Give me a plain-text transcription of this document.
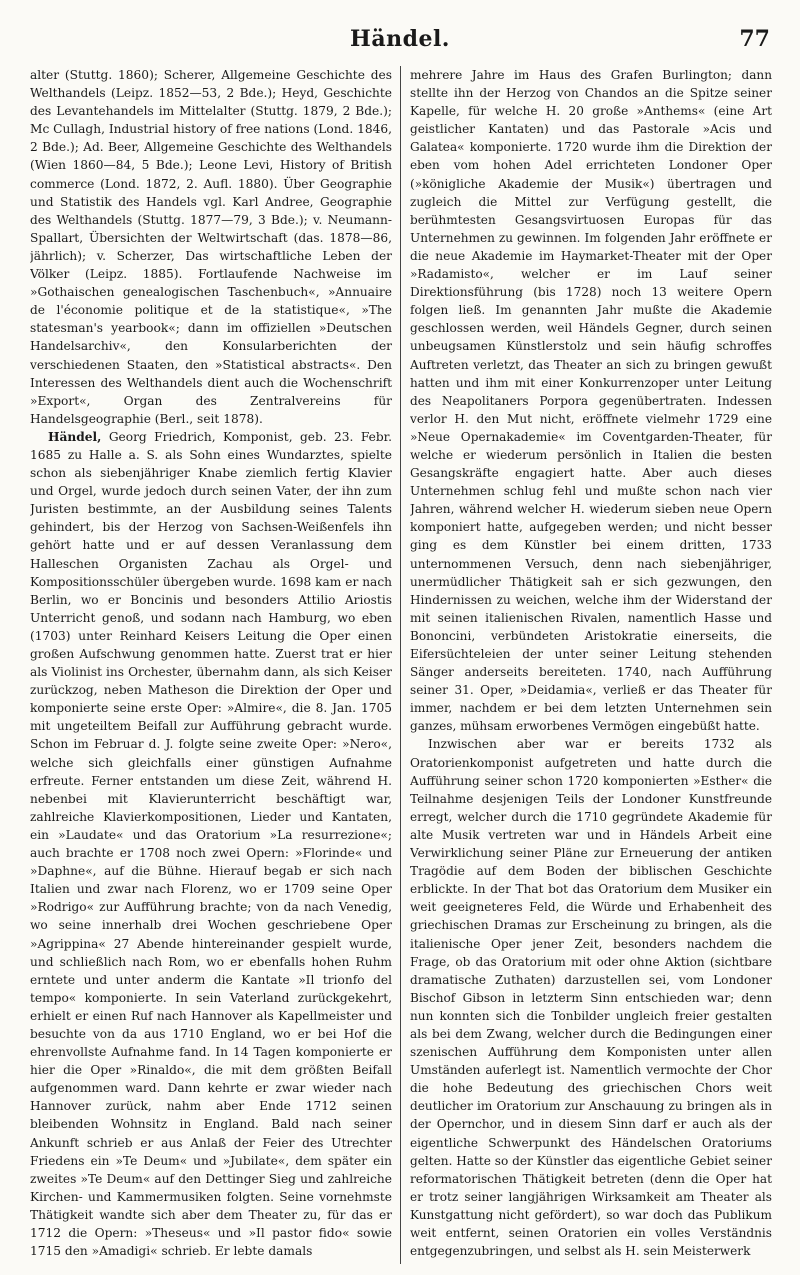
Händel.	77

alter (Stuttg. 1860); Scherer, Allgemeine Geschichte des Welthandels (Leipz. 1852—53, 2 Bde.); Heyd, Geschichte des Levantehandels im Mittelalter (Stuttg. 1879, 2 Bde.); Mc Cullagh, Industrial history of free nations (Lond. 1846, 2 Bde.); Ad. Beer, Allgemeine Geschichte des Welthandels (Wien 1860—84, 5 Bde.); Leone Levi, History of British commerce (Lond. 1872, 2. Aufl. 1880). Über Geographie und Statistik des Handels vgl. Karl Andree, Geographie des Welthandels (Stuttg. 1877—79, 3 Bde.); v. Neumann-Spallart, Übersichten der Weltwirtschaft (das. 1878—86, jährlich); v. Scherzer, Das wirtschaftliche Leben der Völker (Leipz. 1885). Fortlaufende Nachweise im »Gothaischen genealogischen Taschenbuch«, »Annuaire de l'économie politique et de la statistique«, »The statesman's yearbook«; dann im offiziellen »Deutschen Handelsarchiv«, den Konsularberichten der verschiedenen Staaten, den »Statistical abstracts«. Den Interessen des Welthandels dient auch die Wochenschrift »Export«, Organ des Zentralvereins für Handelsgeographie (Berl., seit 1878).

Händel, Georg Friedrich, Komponist, geb. 23. Febr. 1685 zu Halle a. S. als Sohn eines Wundarztes, spielte schon als siebenjähriger Knabe ziemlich fertig Klavier und Orgel, wurde jedoch durch seinen Vater, der ihn zum Juristen bestimmte, an der Ausbildung seines Talents gehindert, bis der Herzog von Sachsen-Weißenfels ihn gehört hatte und er auf dessen Veranlassung dem Halleschen Organisten Zachau als Orgel- und Kompositionsschüler übergeben wurde. 1698 kam er nach Berlin, wo er Boncinis und besonders Attilio Ariostis Unterricht genoß, und sodann nach Hamburg, wo eben (1703) unter Reinhard Keisers Leitung die Oper einen großen Aufschwung genommen hatte. Zuerst trat er hier als Violinist ins Orchester, übernahm dann, als sich Keiser zurückzog, neben Matheson die Direktion der Oper und komponierte seine erste Oper: »Almire«, die 8. Jan. 1705 mit ungeteiltem Beifall zur Aufführung gebracht wurde. Schon im Februar d. J. folgte seine zweite Oper: »Nero«, welche sich gleichfalls einer günstigen Aufnahme erfreute. Ferner entstanden um diese Zeit, während H. nebenbei mit Klavierunterricht beschäftigt war, zahlreiche Klavierkompositionen, Lieder und Kantaten, ein »Laudate« und das Oratorium »La resurrezione«; auch brachte er 1708 noch zwei Opern: »Florinde« und »Daphne«, auf die Bühne. Hierauf begab er sich nach Italien und zwar nach Florenz, wo er 1709 seine Oper »Rodrigo« zur Aufführung brachte; von da nach Venedig, wo seine innerhalb drei Wochen geschriebene Oper »Agrippina« 27 Abende hintereinander gespielt wurde, und schließlich nach Rom, wo er ebenfalls hohen Ruhm erntete und unter anderm die Kantate »Il trionfo del tempo« komponierte. In sein Vaterland zurückgekehrt, erhielt er einen Ruf nach Hannover als Kapellmeister und besuchte von da aus 1710 England, wo er bei Hof die ehrenvollste Aufnahme fand. In 14 Tagen komponierte er hier die Oper »Rinaldo«, die mit dem größten Beifall aufgenommen ward. Dann kehrte er zwar wieder nach Hannover zurück, nahm aber Ende 1712 seinen bleibenden Wohnsitz in England. Bald nach seiner Ankunft schrieb er aus Anlaß der Feier des Utrechter Friedens ein »Te Deum« und »Jubilate«, dem später ein zweites »Te Deum« auf den Dettinger Sieg und zahlreiche Kirchen- und Kammermusiken folgten. Seine vornehmste Thätigkeit wandte sich aber dem Theater zu, für das er 1712 die Opern: »Theseus« und »Il pastor fido« sowie 1715 den »Amadigi« schrieb. Er lebte damals

mehrere Jahre im Haus des Grafen Burlington; dann stellte ihn der Herzog von Chandos an die Spitze seiner Kapelle, für welche H. 20 große »Anthems« (eine Art geistlicher Kantaten) und das Pastorale »Acis und Galatea« komponierte. 1720 wurde ihm die Direktion der eben vom hohen Adel errichteten Londoner Oper (»königliche Akademie der Musik«) übertragen und zugleich die Mittel zur Verfügung gestellt, die berühmtesten Gesangsvirtuosen Europas für das Unternehmen zu gewinnen. Im folgenden Jahr eröffnete er die neue Akademie im Haymarket-Theater mit der Oper »Radamisto«, welcher er im Lauf seiner Direktionsführung (bis 1728) noch 13 weitere Opern folgen ließ. Im genannten Jahr mußte die Akademie geschlossen werden, weil Händels Gegner, durch seinen unbeugsamen Künstlerstolz und sein häufig schroffes Auftreten verletzt, das Theater an sich zu bringen gewußt hatten und ihm mit einer Konkurrenzoper unter Leitung des Neapolitaners Porpora gegenübertraten. Indessen verlor H. den Mut nicht, eröffnete vielmehr 1729 eine »Neue Opernakademie« im Coventgarden-Theater, für welche er wiederum persönlich in Italien die besten Gesangskräfte engagiert hatte. Aber auch dieses Unternehmen schlug fehl und mußte schon nach vier Jahren, während welcher H. wiederum sieben neue Opern komponiert hatte, aufgegeben werden; und nicht besser ging es dem Künstler bei einem dritten, 1733 unternommenen Versuch, denn nach siebenjähriger, unermüdlicher Thätigkeit sah er sich gezwungen, den Hindernissen zu weichen, welche ihm der Widerstand der mit seinen italienischen Rivalen, namentlich Hasse und Bononcini, verbündeten Aristokratie einerseits, die Eifersüchteleien der unter seiner Leitung stehenden Sänger anderseits bereiteten. 1740, nach Aufführung seiner 31. Oper, »Deidamia«, verließ er das Theater für immer, nachdem er bei dem letzten Unternehmen sein ganzes, mühsam erworbenes Vermögen eingebüßt hatte.

Inzwischen aber war er bereits 1732 als Oratorienkomponist aufgetreten und hatte durch die Aufführung seiner schon 1720 komponierten »Esther« die Teilnahme desjenigen Teils der Londoner Kunstfreunde erregt, welcher durch die 1710 gegründete Akademie für alte Musik vertreten war und in Händels Arbeit eine Verwirklichung seiner Pläne zur Erneuerung der antiken Tragödie auf dem Boden der biblischen Geschichte erblickte. In der That bot das Oratorium dem Musiker ein weit geeigneteres Feld, die Würde und Erhabenheit des griechischen Dramas zur Erscheinung zu bringen, als die italienische Oper jener Zeit, besonders nachdem die Frage, ob das Oratorium mit oder ohne Aktion (sichtbare dramatische Zuthaten) darzustellen sei, vom Londoner Bischof Gibson in letzterm Sinn entschieden war; denn nun konnten sich die Tonbilder ungleich freier gestalten als bei dem Zwang, welcher durch die Bedingungen einer szenischen Aufführung dem Komponisten unter allen Umständen auferlegt ist. Namentlich vermochte der Chor die hohe Bedeutung des griechischen Chors weit deutlicher im Oratorium zur Anschauung zu bringen als in der Opernchor, und in diesem Sinn darf er auch als der eigentliche Schwerpunkt des Händelschen Oratoriums gelten. Hatte so der Künstler das eigentliche Gebiet seiner reformatorischen Thätigkeit betreten (denn die Oper hat er trotz seiner langjährigen Wirksamkeit am Theater als Kunstgattung nicht gefördert), so war doch das Publikum weit entfernt, seinen Oratorien ein volles Verständnis entgegenzubringen, und selbst als H. sein Meisterwerk
